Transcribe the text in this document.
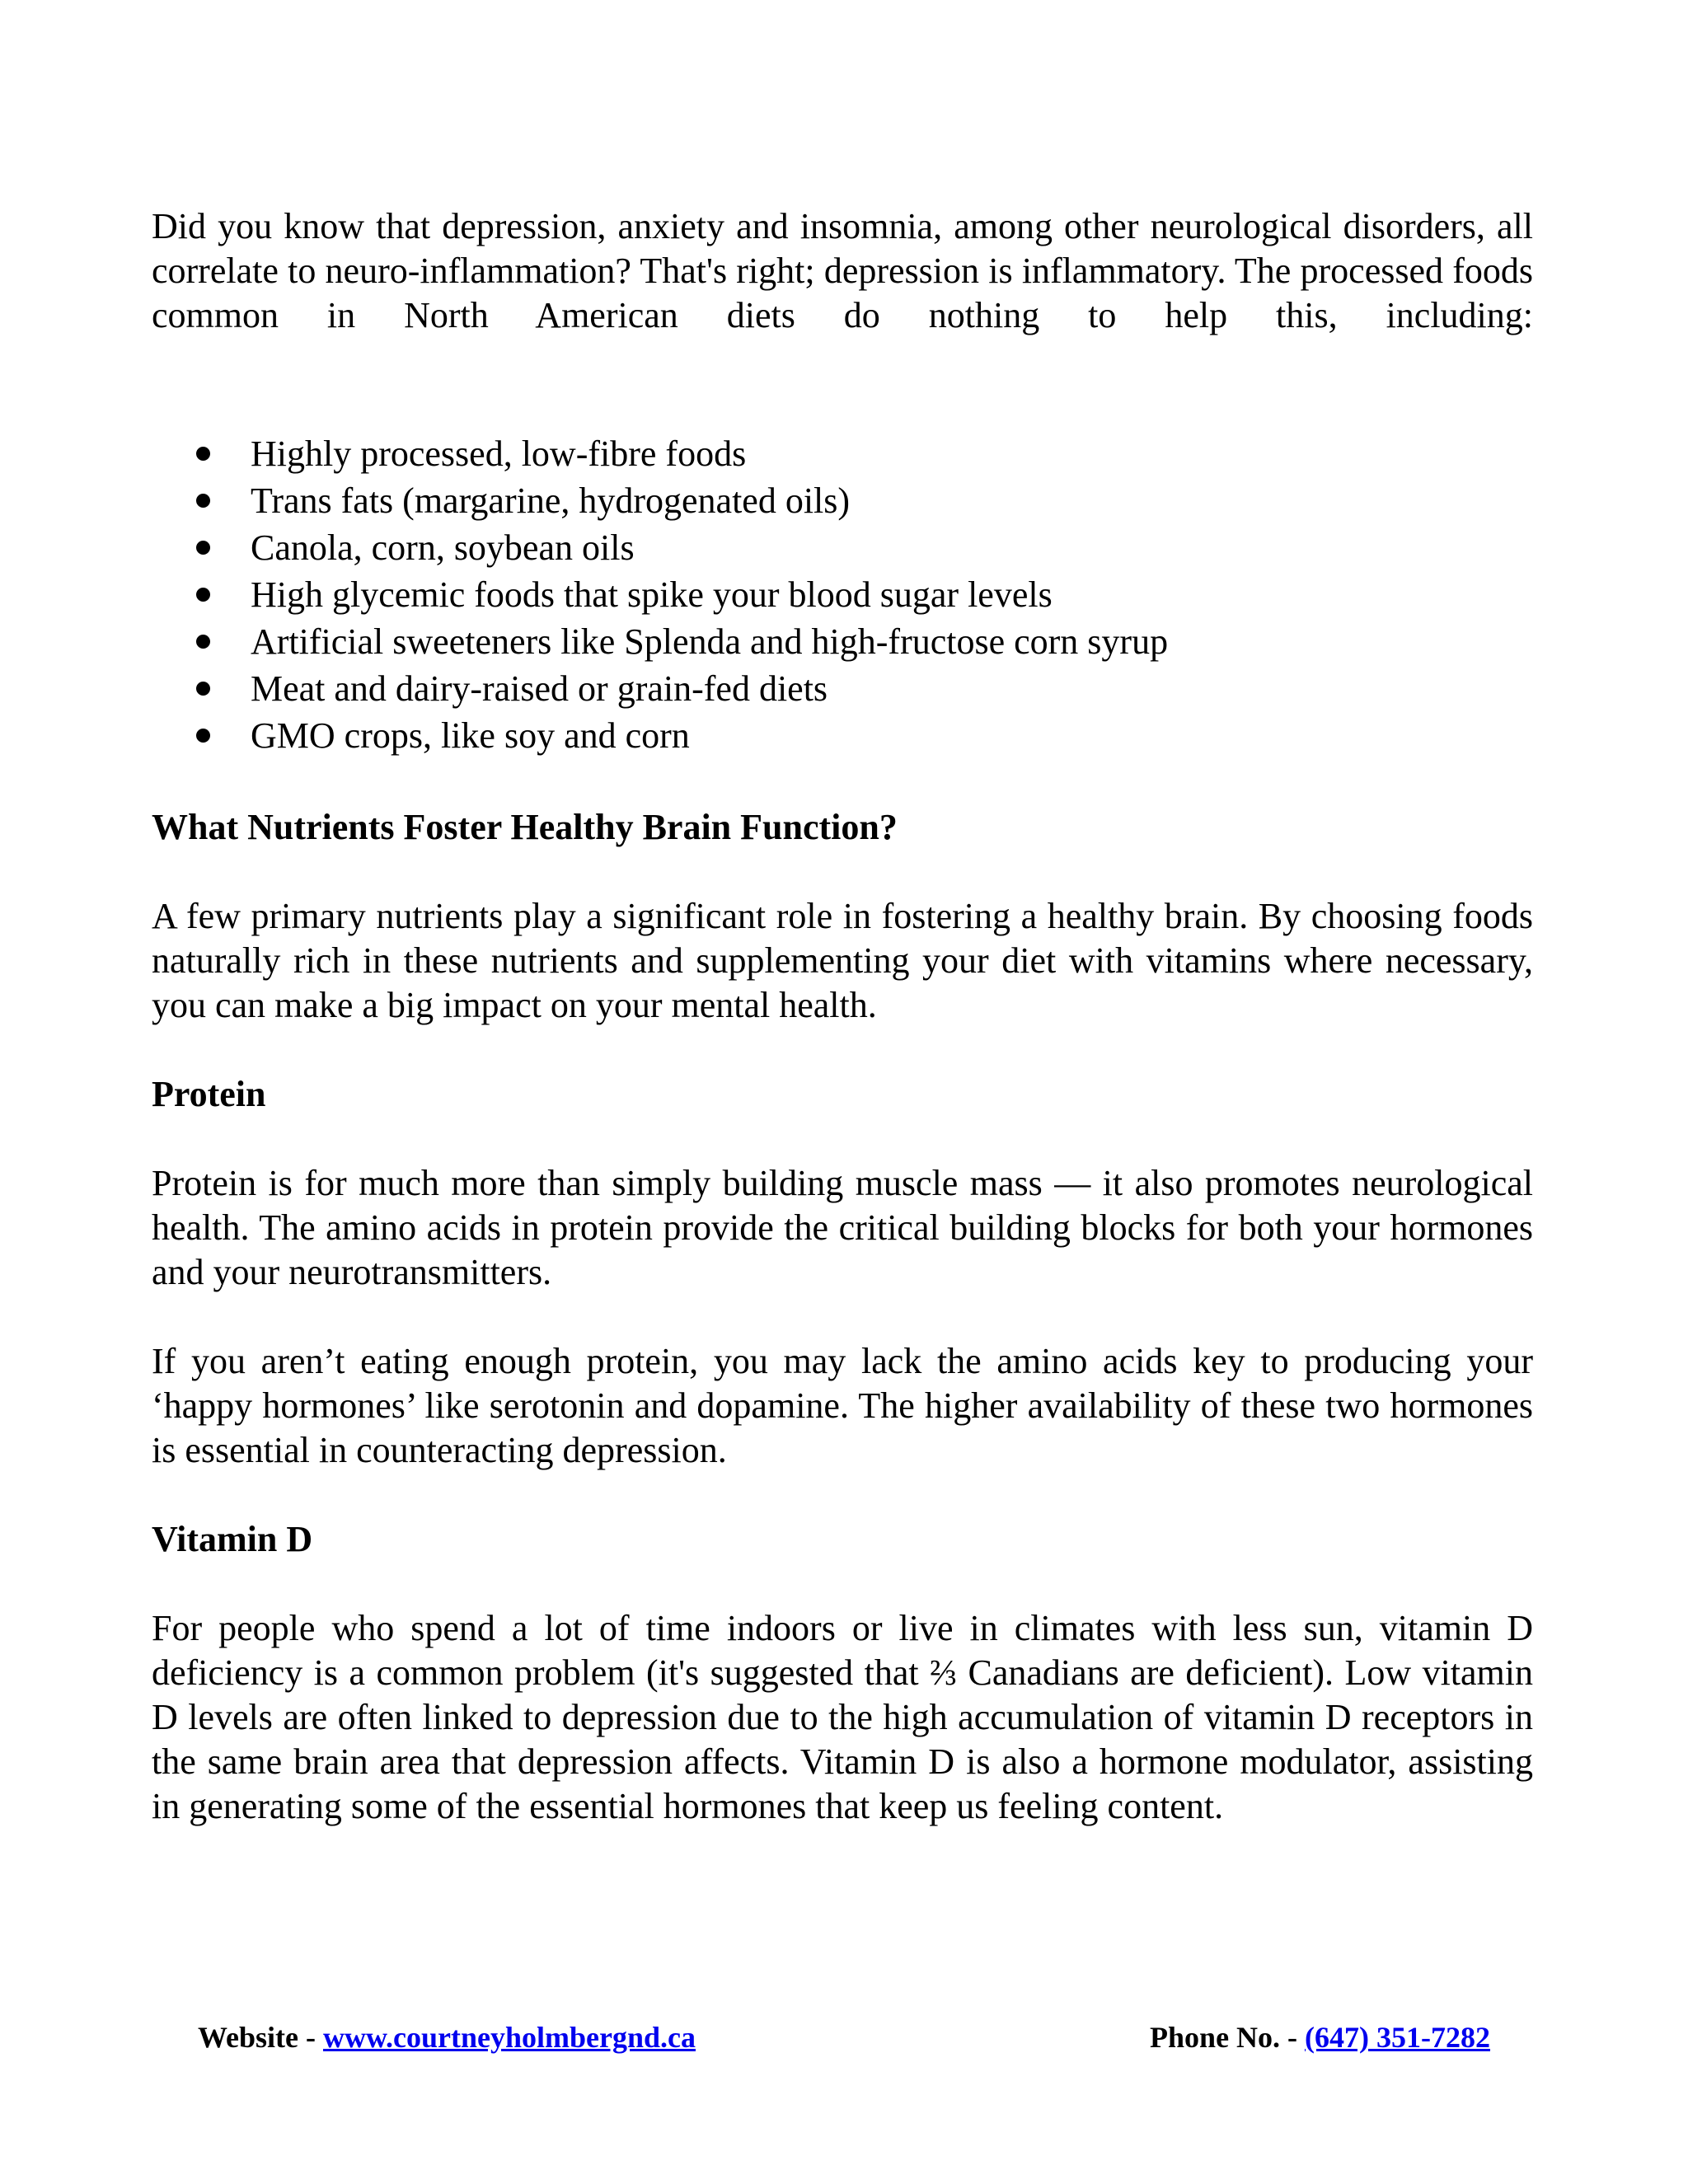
Did you know that depression, anxiety and insomnia, among other neurological disorders, all correlate to neuro-inflammation? That's right; depression is inflammatory. The processed foods common in North American diets do nothing to help this, including:

Highly processed, low-fibre foods
Trans fats (margarine, hydrogenated oils)
Canola, corn, soybean oils
High glycemic foods that spike your blood sugar levels
Artificial sweeteners like Splenda and high-fructose corn syrup
Meat and dairy-raised or grain-fed diets
GMO crops, like soy and corn
What Nutrients Foster Healthy Brain Function?

A few primary nutrients play a significant role in fostering a healthy brain. By choosing foods naturally rich in these nutrients and supplementing your diet with vitamins where necessary, you can make a big impact on your mental health.

Protein

Protein is for much more than simply building muscle mass — it also promotes neurological health. The amino acids in protein provide the critical building blocks for both your hormones and your neurotransmitters.

If you aren’t eating enough protein, you may lack the amino acids key to producing your ‘happy hormones’ like serotonin and dopamine. The higher availability of these two hormones is essential in counteracting depression.

Vitamin D

For people who spend a lot of time indoors or live in climates with less sun, vitamin D deficiency is a common problem (it's suggested that ⅔ Canadians are deficient). Low vitamin D levels are often linked to depression due to the high accumulation of vitamin D receptors in the same brain area that depression affects. Vitamin D is also a hormone modulator, assisting in generating some of the essential hormones that keep us feeling content.

Website - www.courtneyholmbergnd.ca	Phone No. - (647) 351-7282
